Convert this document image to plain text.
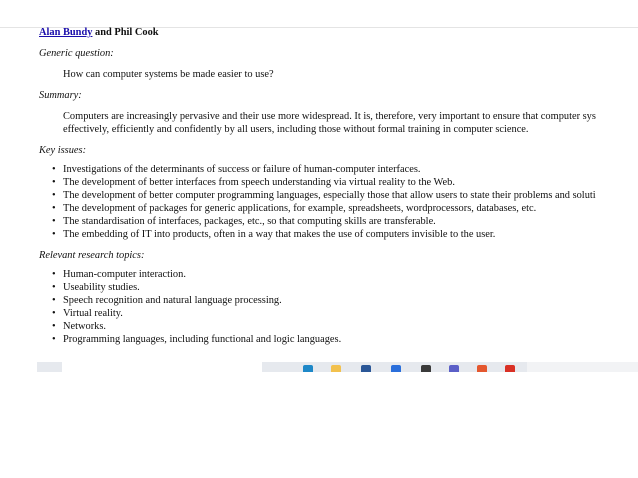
Alan Bundy and Phil Cook
Generic question:
How can computer systems be made easier to use?
Summary:
Computers are increasingly pervasive and their use more widespread. It is, therefore, very important to ensure that computer sys
effectively, efficiently and confidently by all users, including those without formal training in computer science.
Key issues:
• Investigations of the determinants of success or failure of human-computer interfaces.
• The development of better interfaces from speech understanding via virtual reality to the Web.
• The development of better computer programming languages, especially those that allow users to state their problems and soluti
• The development of packages for generic applications, for example, spreadsheets, wordprocessors, databases, etc.
• The standardisation of interfaces, packages, etc., so that computing skills are transferable.
• The embedding of IT into products, often in a way that makes the use of computers invisible to the user.
Relevant research topics:
• Human-computer interaction.
• Useability studies.
• Speech recognition and natural language processing.
• Virtual reality.
• Networks.
• Programming languages, including functional and logic languages.
